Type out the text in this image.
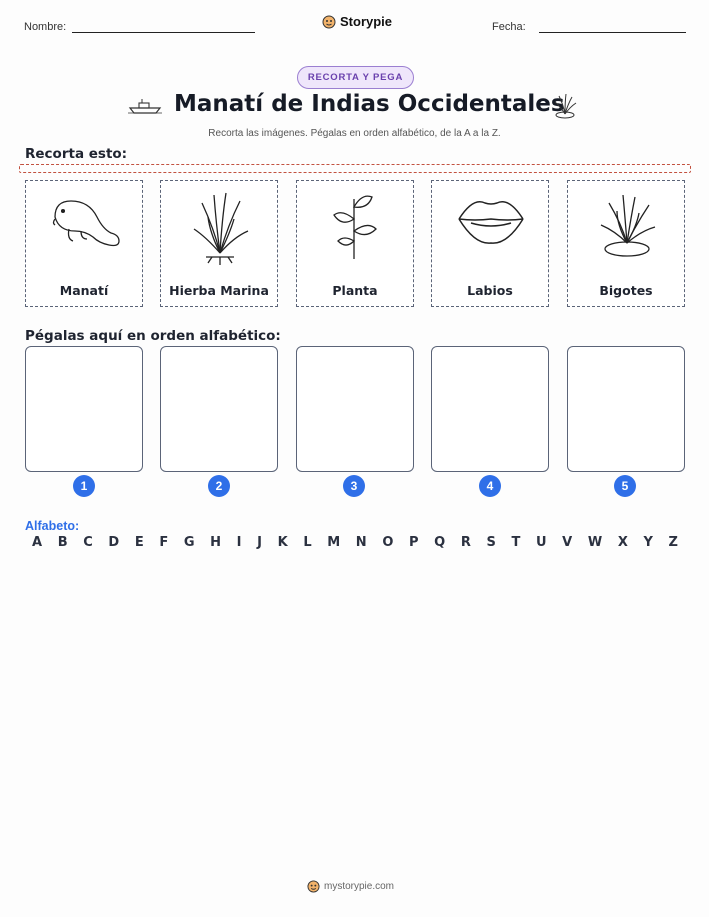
Nombre:	Storypie	Fecha:
RECORTA Y PEGA
Manatí de Indias Occidentales
Recorta las imágenes. Pégalas en orden alfabético, de la A a la Z.
Recorta esto:
Manatí	Hierba Marina	Planta	Labios	Bigotes
Pégalas aquí en orden alfabético:
1	2	3	4	5
Alfabeto:
A B C D E F G H I J K L M N O P Q R S T U V W X Y Z
mystorypie.com
